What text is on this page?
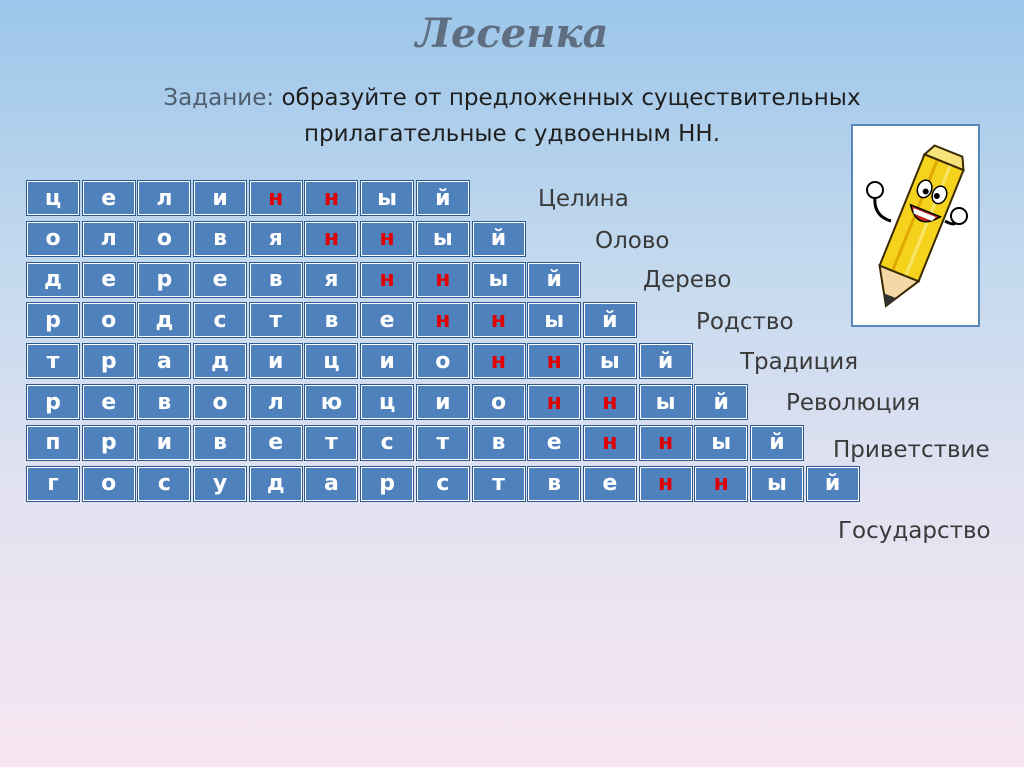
Лесенка
Задание: образуйте от предложенных существительных
прилагательные с удвоенным НН.
ц	е	л	и	н	н	ы	й
о	л	о	в	я	н	н	ы	й
д	е	р	е	в	я	н	н	ы	й
р	о	д	с	т	в	е	н	н	ы	й
т	р	а	д	и	ц	и	о	н	н	ы	й
р	е	в	о	л	ю	ц	и	о	н	н	ы	й
п	р	и	в	е	т	с	т	в	е	н	н	ы	й
г	о	с	у	д	а	р	с	т	в	е	н	н	ы	й
Целина
Олово
Дерево
Родство
Традиция
Революция
Приветствие
Государство
